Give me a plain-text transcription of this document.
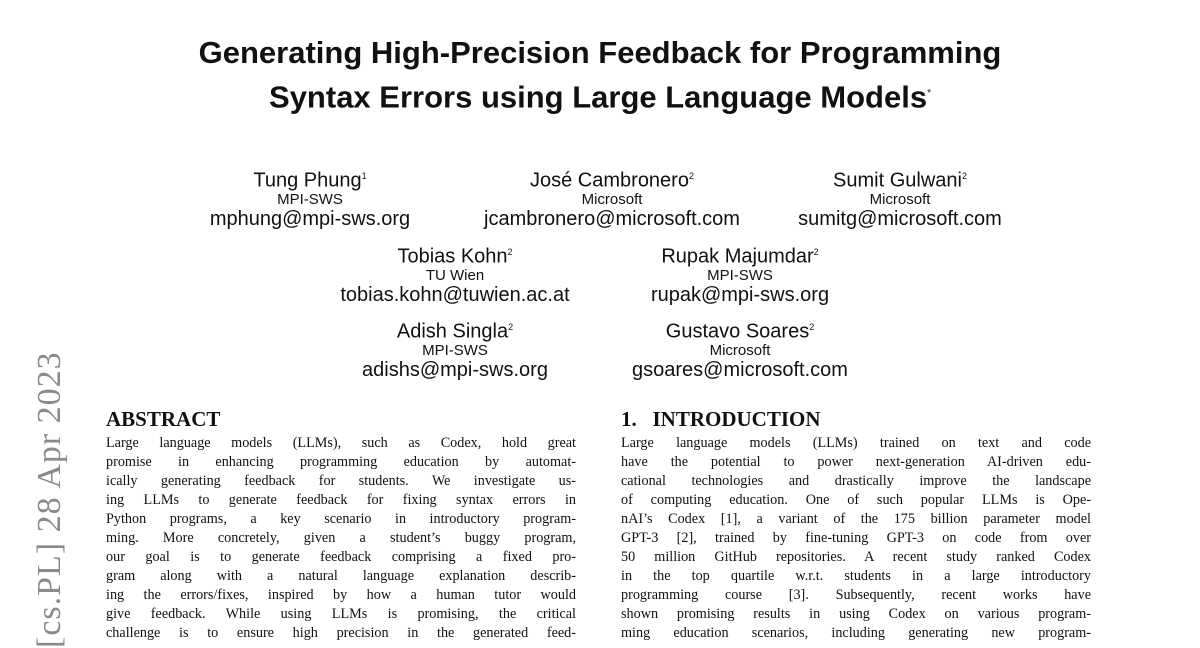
Generating High-Precision Feedback for Programming
Syntax Errors using Large Language Models*
Tung Phung$^1$
MPI-SWS
mphung@mpi-sws.org
José Cambronero$^2$
Microsoft
jcambronero@microsoft.com
Sumit Gulwani$^2$
Microsoft
sumitg@microsoft.com
Tobias Kohn$^2$
TU Wien
tobias.kohn@tuwien.ac.at
Rupak Majumdar$^2$
MPI-SWS
rupak@mpi-sws.org
Adish Singla$^2$
MPI-SWS
adishs@mpi-sws.org
Gustavo Soares$^2$
Microsoft
gsoares@microsoft.com
[cs.PL] 28 Apr 2023 ABSTRACT

Large language models (LLMs), such as Codex, hold great
promise in enhancing programming education by automat-
ically generating feedback for students. We investigate us-
ing LLMs to generate feedback for fixing syntax errors in
Python programs, a key scenario in introductory program-
ming. More concretely, given a student’s buggy program,
our goal is to generate feedback comprising a fixed pro-
gram along with a natural language explanation describ-
ing the errors/fixes, inspired by how a human tutor would
give feedback. While using LLMs is promising, the critical
challenge is to ensure high precision in the generated feed-

1.   INTRODUCTION

Large language models (LLMs) trained on text and code
have the potential to power next-generation AI-driven edu-
cational technologies and drastically improve the landscape
of computing education. One of such popular LLMs is Ope-
nAI’s Codex [1], a variant of the 175 billion parameter model
GPT-3 [2], trained by fine-tuning GPT-3 on code from over
50 million GitHub repositories. A recent study ranked Codex
in the top quartile w.r.t. students in a large introductory
programming course [3]. Subsequently, recent works have
shown promising results in using Codex on various program-
ming education scenarios, including generating new program-
